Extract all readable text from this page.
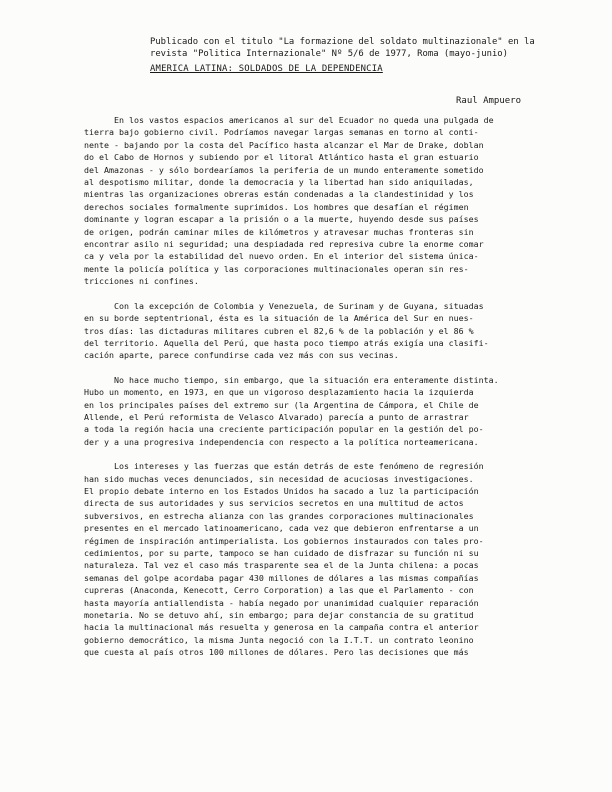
Publicado con el titulo "La formazione del soldato multinazionale" en la
revista "Politica Internazionale" Nº 5/6 de 1977, Roma (mayo-junio)
AMERICA LATINA: SOLDADOS DE LA DEPENDENCIA
Raul Ampuero
En los vastos espacios americanos al sur del Ecuador no queda una pulgada de
tierra bajo gobierno civil. Podríamos navegar largas semanas en torno al conti-
nente - bajando por la costa del Pacífico hasta alcanzar el Mar de Drake, doblan
do el Cabo de Hornos y subiendo por el litoral Atlántico hasta el gran estuario
del Amazonas - y sólo bordearíamos la periferia de un mundo enteramente sometido
al despotismo militar, donde la democracia y la libertad han sido aniquiladas,
mientras las organizaciones obreras están condenadas a la clandestinidad y los
derechos sociales formalmente suprimidos. Los hombres que desafían el régimen
dominante y logran escapar a la prisión o a la muerte, huyendo desde sus países
de origen, podrán caminar miles de kilómetros y atravesar muchas fronteras sin
encontrar asilo ni seguridad; una despiadada red represiva cubre la enorme comar
ca y vela por la estabilidad del nuevo orden. En el interior del sistema única-
mente la policía política y las corporaciones multinacionales operan sin res-
tricciones ni confines.
Con la excepción de Colombia y Venezuela, de Surinam y de Guyana, situadas
en su borde septentrional, ésta es la situación de la América del Sur en nues-
tros días: las dictaduras militares cubren el 82,6 % de la población y el 86 %
del territorio. Aquella del Perú, que hasta poco tiempo atrás exigía una clasifi-
cación aparte, parece confundirse cada vez más con sus vecinas.
No hace mucho tiempo, sin embargo, que la situación era enteramente distinta.
Hubo un momento, en 1973, en que un vigoroso desplazamiento hacia la izquierda
en los principales países del extremo sur (la Argentina de Cámpora, el Chile de
Allende, el Perú reformista de Velasco Alvarado) parecía a punto de arrastrar
a toda la región hacia una creciente participación popular en la gestión del po-
der y a una progresiva independencia con respecto a la política norteamericana.
Los intereses y las fuerzas que están detrás de este fenómeno de regresión
han sido muchas veces denunciados, sin necesidad de acuciosas investigaciones.
El propio debate interno en los Estados Unidos ha sacado a luz la participación
directa de sus autoridades y sus servicios secretos en una multitud de actos
subversivos, en estrecha alianza con las grandes corporaciones multinacionales
presentes en el mercado latinoamericano, cada vez que debieron enfrentarse a un
régimen de inspiración antimperialista. Los gobiernos instaurados con tales pro-
cedimientos, por su parte, tampoco se han cuidado de disfrazar su función ni su
naturaleza. Tal vez el caso más trasparente sea el de la Junta chilena: a pocas
semanas del golpe acordaba pagar 430 millones de dólares a las mismas compañías
cupreras (Anaconda, Kenecott, Cerro Corporation) a las que el Parlamento - con
hasta mayoría antiallendista - había negado por unanimidad cualquier reparación
monetaria. No se detuvo ahí, sin embargo; para dejar constancia de su gratitud
hacia la multinacional más resuelta y generosa en la campaña contra el anterior
gobierno democrático, la misma Junta negoció con la I.T.T. un contrato leonino
que cuesta al país otros 100 millones de dólares. Pero las decisiones que más
